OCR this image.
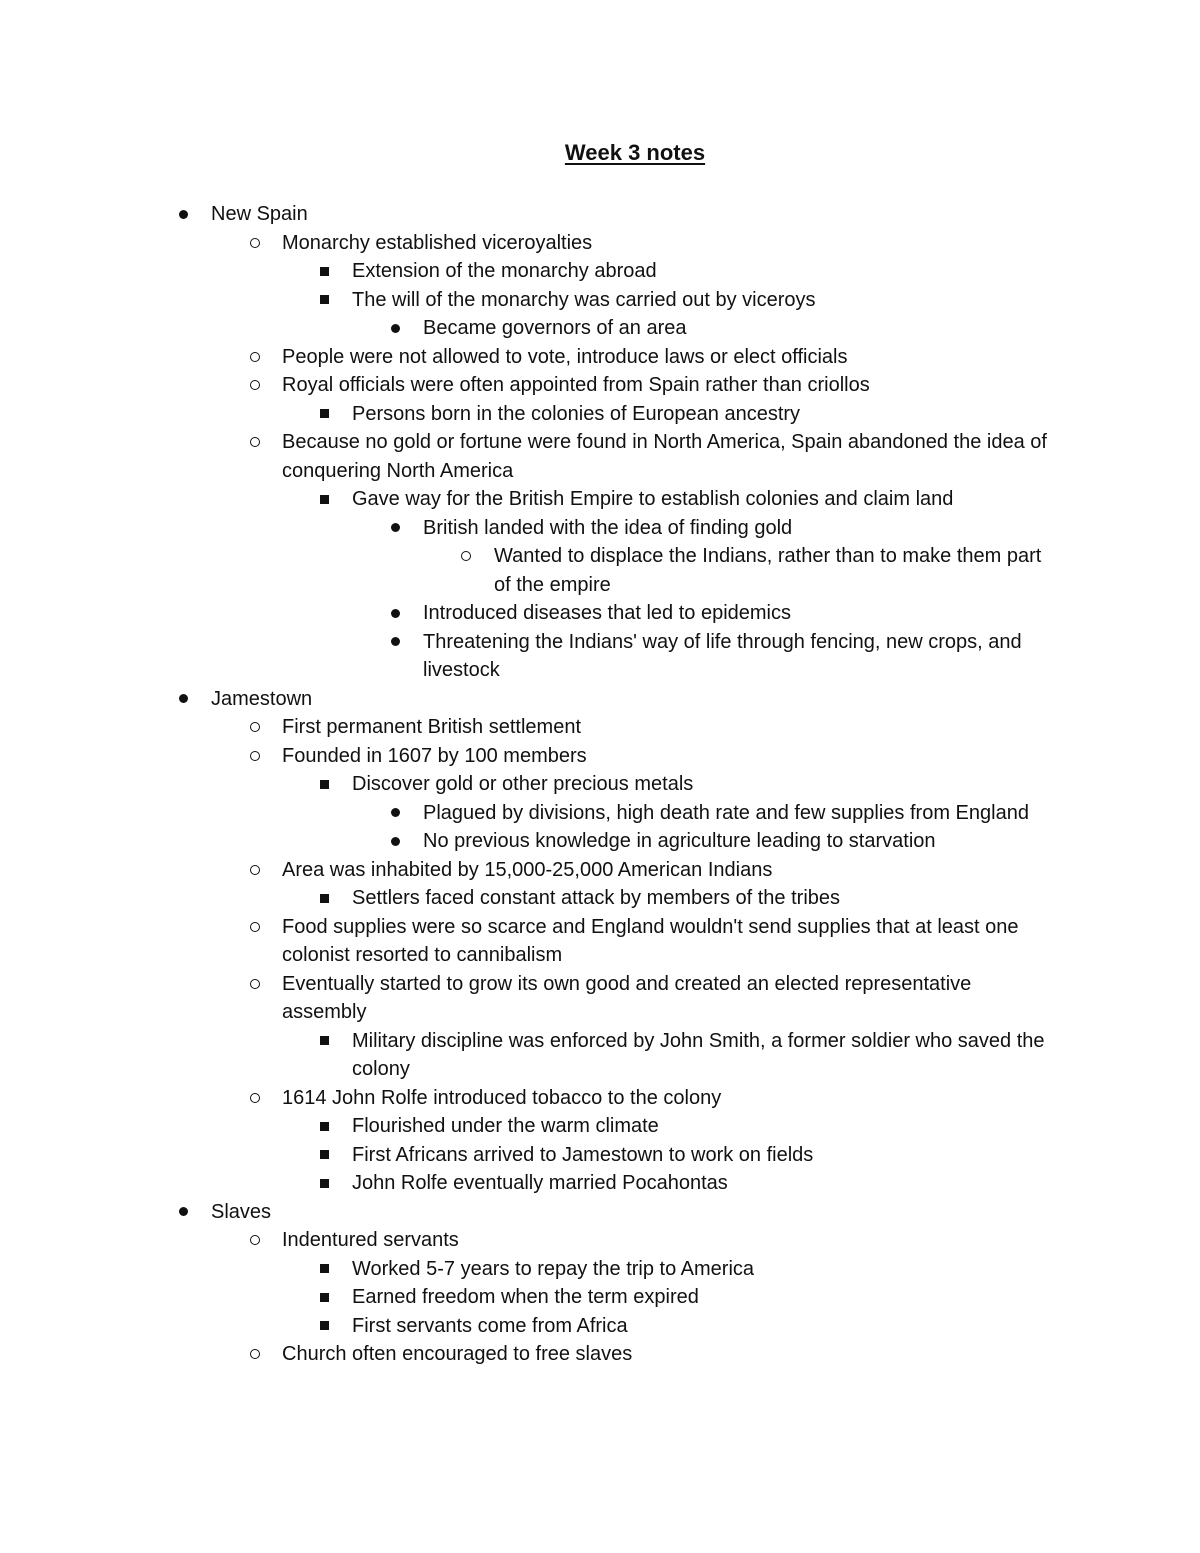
Week 3 notes
New Spain
Monarchy established viceroyalties
Extension of the monarchy abroad
The will of the monarchy was carried out by viceroys
Became governors of an area
People were not allowed to vote, introduce laws or elect officials
Royal officials were often appointed from Spain rather than criollos
Persons born in the colonies of European ancestry
Because no gold or fortune were found in North America, Spain abandoned the idea of conquering North America
Gave way for the British Empire to establish colonies and claim land
British landed with the idea of finding gold
Wanted to displace the Indians, rather than to make them part of the empire
Introduced diseases that led to epidemics
Threatening the Indians' way of life through fencing, new crops, and livestock
Jamestown
First permanent British settlement
Founded in 1607 by 100 members
Discover gold or other precious metals
Plagued by divisions, high death rate and few supplies from England
No previous knowledge in agriculture leading to starvation
Area was inhabited by 15,000-25,000 American Indians
Settlers faced constant attack by members of the tribes
Food supplies were so scarce and England wouldn't send supplies that at least one colonist resorted to cannibalism
Eventually started to grow its own good and created an elected representative assembly
Military discipline was enforced by John Smith, a former soldier who saved the colony
1614 John Rolfe introduced tobacco to the colony
Flourished under the warm climate
First Africans arrived to Jamestown to work on fields
John Rolfe eventually married Pocahontas
Slaves
Indentured servants
Worked 5-7 years to repay the trip to America
Earned freedom when the term expired
First servants come from Africa
Church often encouraged to free slaves
